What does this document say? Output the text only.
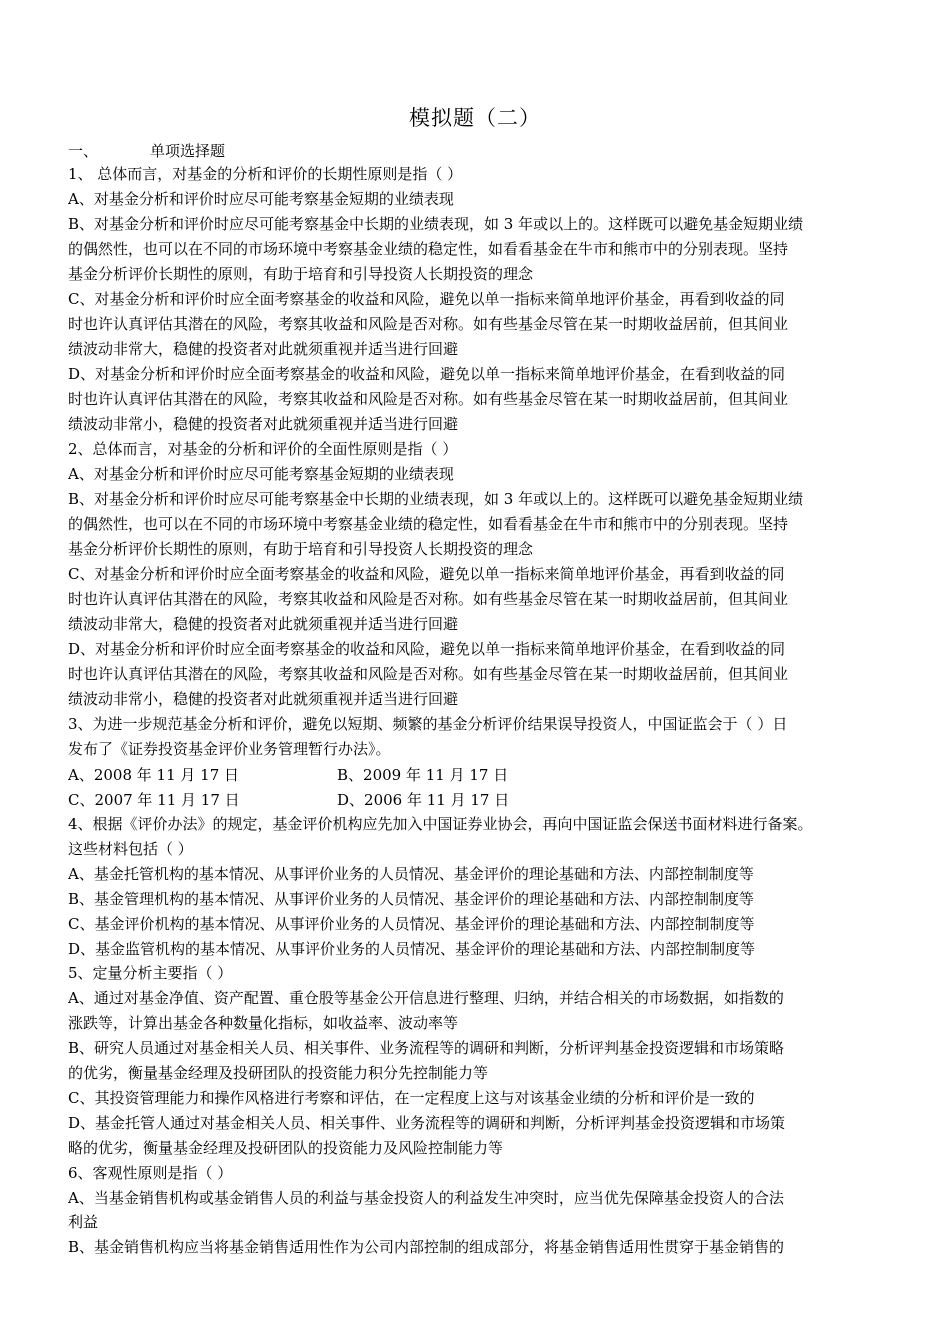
模拟题（二）
一、	单项选择题
A、2008 年 11 月 17 日	B、2009 年 11 月 17 日
C、2007 年 11 月 17 日	D、2006 年 11 月 17 日
1、 总体而言，对基金的分析和评价的长期性原则是指（ ）
A、对基金分析和评价时应尽可能考察基金短期的业绩表现
B、对基金分析和评价时应尽可能考察基金中长期的业绩表现，如 3 年或以上的。这样既可以避免基金短期业绩
的偶然性，也可以在不同的市场环境中考察基金业绩的稳定性，如看看基金在牛市和熊市中的分别表现。坚持
基金分析评价长期性的原则，有助于培育和引导投资人长期投资的理念
C、对基金分析和评价时应全面考察基金的收益和风险，避免以单一指标来简单地评价基金，再看到收益的同
时也许认真评估其潜在的风险，考察其收益和风险是否对称。如有些基金尽管在某一时期收益居前，但其间业
绩波动非常大，稳健的投资者对此就须重视并适当进行回避
D、对基金分析和评价时应全面考察基金的收益和风险，避免以单一指标来简单地评价基金，在看到收益的同
时也许认真评估其潜在的风险，考察其收益和风险是否对称。如有些基金尽管在某一时期收益居前，但其间业
绩波动非常小，稳健的投资者对此就须重视并适当进行回避
2、总体而言，对基金的分析和评价的全面性原则是指（ ）
A、对基金分析和评价时应尽可能考察基金短期的业绩表现
B、对基金分析和评价时应尽可能考察基金中长期的业绩表现，如 3 年或以上的。这样既可以避免基金短期业绩
的偶然性，也可以在不同的市场环境中考察基金业绩的稳定性，如看看基金在牛市和熊市中的分别表现。坚持
基金分析评价长期性的原则，有助于培育和引导投资人长期投资的理念
C、对基金分析和评价时应全面考察基金的收益和风险，避免以单一指标来简单地评价基金，再看到收益的同
时也许认真评估其潜在的风险，考察其收益和风险是否对称。如有些基金尽管在某一时期收益居前，但其间业
绩波动非常大，稳健的投资者对此就须重视并适当进行回避
D、对基金分析和评价时应全面考察基金的收益和风险，避免以单一指标来简单地评价基金，在看到收益的同
时也许认真评估其潜在的风险，考察其收益和风险是否对称。如有些基金尽管在某一时期收益居前，但其间业
绩波动非常小，稳健的投资者对此就须重视并适当进行回避
3、为进一步规范基金分析和评价，避免以短期、频繁的基金分析评价结果误导投资人，中国证监会于（ ）日
发布了《证券投资基金评价业务管理暂行办法》。
4、根据《评价办法》的规定，基金评价机构应先加入中国证券业协会，再向中国证监会保送书面材料进行备案。
这些材料包括（ ）
A、基金托管机构的基本情况、从事评价业务的人员情况、基金评价的理论基础和方法、内部控制制度等
B、基金管理机构的基本情况、从事评价业务的人员情况、基金评价的理论基础和方法、内部控制制度等
C、基金评价机构的基本情况、从事评价业务的人员情况、基金评价的理论基础和方法、内部控制制度等
D、基金监管机构的基本情况、从事评价业务的人员情况、基金评价的理论基础和方法、内部控制制度等
5、定量分析主要指（ ）
A、通过对基金净值、资产配置、重仓股等基金公开信息进行整理、归纳，并结合相关的市场数据，如指数的
涨跌等，计算出基金各种数量化指标，如收益率、波动率等
B、研究人员通过对基金相关人员、相关事件、业务流程等的调研和判断，分析评判基金投资逻辑和市场策略
的优劣，衡量基金经理及投研团队的投资能力积分先控制能力等
C、其投资管理能力和操作风格进行考察和评估，在一定程度上这与对该基金业绩的分析和评价是一致的
D、基金托管人通过对基金相关人员、相关事件、业务流程等的调研和判断，分析评判基金投资逻辑和市场策
略的优劣，衡量基金经理及投研团队的投资能力及风险控制能力等
6、客观性原则是指（ ）
A、当基金销售机构或基金销售人员的利益与基金投资人的利益发生冲突时，应当优先保障基金投资人的合法
利益
B、基金销售机构应当将基金销售适用性作为公司内部控制的组成部分，将基金销售适用性贯穿于基金销售的
